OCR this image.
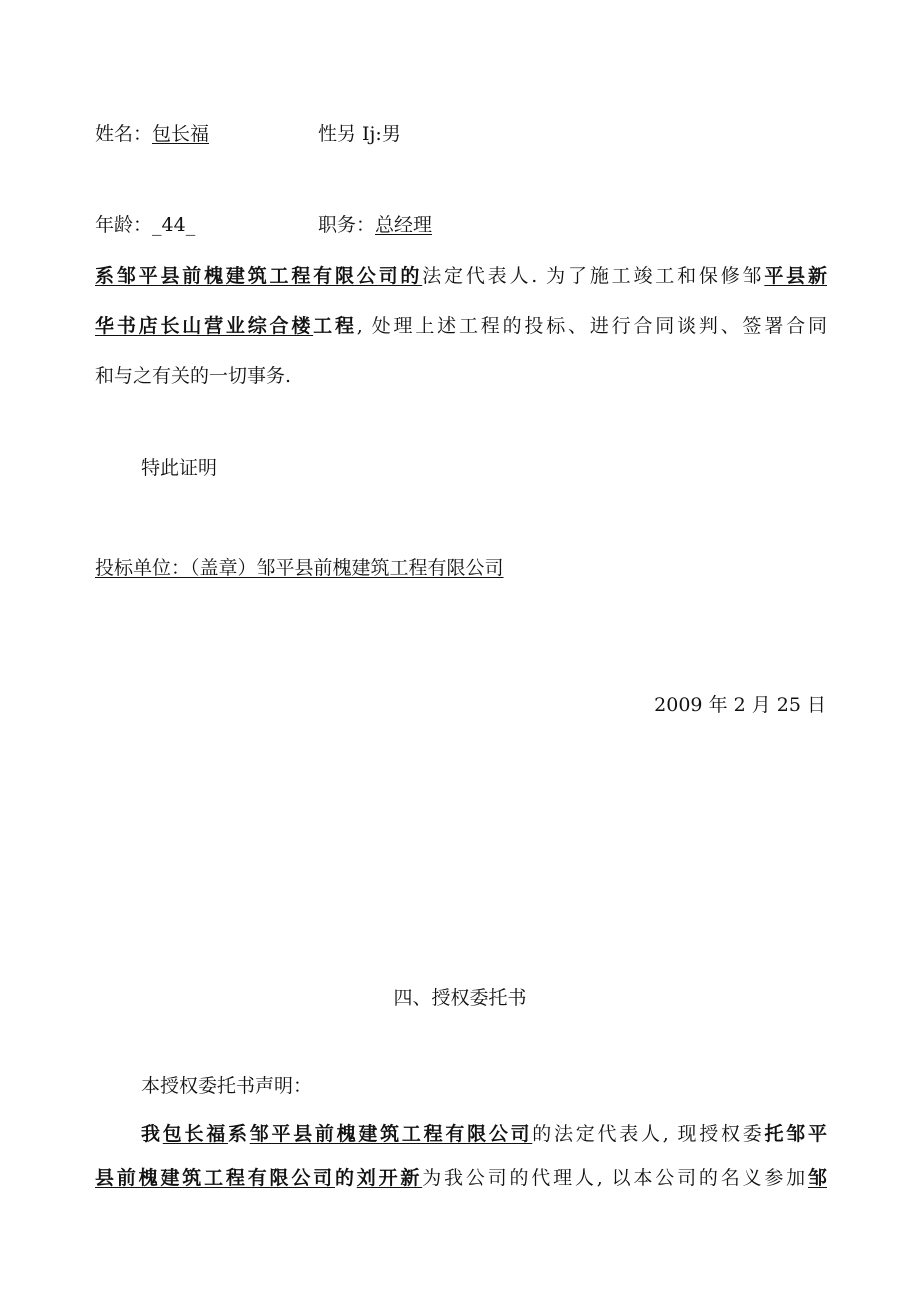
姓名：包长福	性另 Ij:男
年龄：_44_	职务：总经理
系邹平县前槐建筑工程有限公司的法定代表人. 为了施工竣工和保修邹平县新
华书店长山营业综合楼工程, 处理上述工程的投标、进行合同谈判、签署合同
和与之有关的一切事务.
特此证明
投标单位：（盖章）邹平县前槐建筑工程有限公司
2009 年 2 月 25 日
四、授权委托书
本授权委托书声明：
我包长福系邹平县前槐建筑工程有限公司的法定代表人, 现授权委托邹平
县前槐建筑工程有限公司的刘开新为我公司的代理人, 以本公司的名义参加邹
